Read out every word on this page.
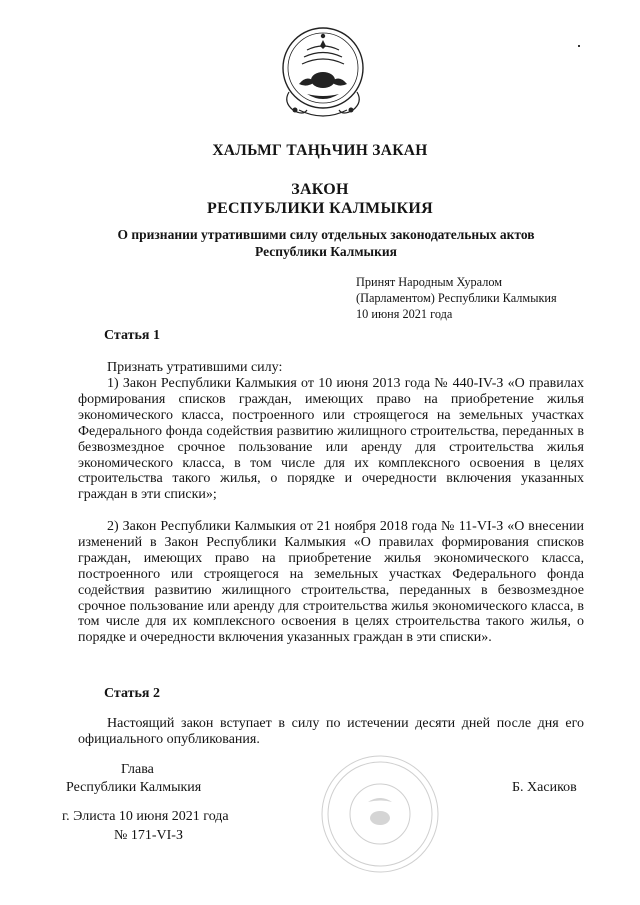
ХАЛЬМГ ТАҢҺЧИН ЗАКАН
ЗАКОН
РЕСПУБЛИКИ КАЛМЫКИЯ
О признании утратившими силу отдельных законодательных актов
Республики Калмыкия
Принят Народным Хуралом
(Парламентом) Республики Калмыкия
10 июня 2021 года
Статья 1

Признать утратившими силу:

1) Закон Республики Калмыкия от 10 июня 2013 года № 440-IV-З «О правилах формирования списков граждан, имеющих право на приобретение жилья экономического класса, построенного или строящегося на земельных участках Федерального фонда содействия развитию жилищного строительства, переданных в безвозмездное срочное пользование или аренду для строительства жилья экономического класса, в том числе для их комплексного освоения в целях строительства такого жилья, о порядке и очередности включения указанных граждан в эти списки»;

2) Закон Республики Калмыкия от 21 ноября 2018 года № 11-VI-З «О внесении изменений в Закон Республики Калмыкия «О правилах формирования списков граждан, имеющих право на приобретение жилья экономического класса, построенного или строящегося на земельных участках Федерального фонда содействия развитию жилищного строительства, переданных в безвозмездное срочное пользование или аренду для строительства жилья экономического класса, в том числе для их комплексного освоения в целях строительства такого жилья, о порядке и очередности включения указанных граждан в эти списки».

Статья 2

Настоящий закон вступает в силу по истечении десяти дней после дня его официального опубликования.

Глава
Республики Калмыкия	Б. Хасиков
г. Элиста 10 июня 2021 года
№ 171-VI-З
